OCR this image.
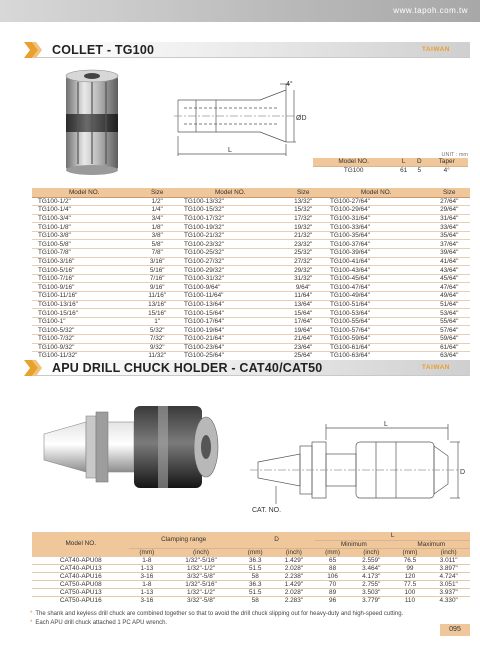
www.tapoh.com.tw
COLLET - TG100	TAIWAN
4°
ØD
L
UNIT : mm
Model NO.	L	D	Taper
TG100	61	5	4°
Model NO.	Size	Model NO.	Size	Model NO.	Size
TG100-1/2"	1/2"	TG100-13/32"	13/32"	TG100-27/64"	27/64"
TG100-1/4"	1/4"	TG100-15/32"	15/32"	TG100-29/64"	29/64"
TG100-3/4"	3/4"	TG100-17/32"	17/32"	TG100-31/64"	31/64"
TG100-1/8"	1/8"	TG100-19/32"	19/32"	TG100-33/64"	33/64"
TG100-3/8"	3/8"	TG100-21/32"	21/32"	TG100-35/64"	35/64"
TG100-5/8"	5/8"	TG100-23/32"	23/32"	TG100-37/64"	37/64"
TG100-7/8"	7/8"	TG100-25/32"	25/32"	TG100-39/64"	39/64"
TG100-3/16"	3/16"	TG100-27/32"	27/32"	TG100-41/64"	41/64"
TG100-5/16"	5/16"	TG100-29/32"	29/32"	TG100-43/64"	43/64"
TG100-7/16"	7/16"	TG100-31/32"	31/32"	TG100-45/64"	45/64"
TG100-9/16"	9/16"	TG100-9/64"	9/64"	TG100-47/64"	47/64"
TG100-11/16"	11/16"	TG100-11/64"	11/64"	TG100-49/64"	49/64"
TG100-13/16"	13/16"	TG100-13/64"	13/64"	TG100-51/64"	51/64"
TG100-15/16"	15/16"	TG100-15/64"	15/64"	TG100-53/64"	53/64"
TG100-1"	1"	TG100-17/64"	17/64"	TG100-55/64"	55/64"
TG100-5/32"	5/32"	TG100-19/64"	19/64"	TG100-57/64"	57/64"
TG100-7/32"	7/32"	TG100-21/64"	21/64"	TG100-59/64"	59/64"
TG100-9/32"	9/32"	TG100-23/64"	23/64"	TG100-61/64"	61/64"
TG100-11/32"	11/32"	TG100-25/64"	25/64"	TG100-63/64"	63/64"
APU DRILL CHUCK HOLDER - CAT40/CAT50	TAIWAN
L
D
CAT. NO.
Model NO.	Clamping range		D		L			
					Minimum		Maximum	
	(mm)	(inch)	(mm)	(inch)	(mm)	(inch)	(mm)	(inch)
CAT40-APU08	1-8	1/32"-5/16"	36.3	1.429"	65	2.559"	76.5	3.011"
CAT40-APU13	1-13	1/32"-1/2"	51.5	2.028"	88	3.464"	99	3.897"
CAT40-APU16	3-16	3/32"-5/8"	58	2.238"	106	4.173"	120	4.724"
CAT50-APU08	1-8	1/32"-5/16"	36.3	1.429"	70	2.755"	77.5	3.051"
CAT50-APU13	1-13	1/32"-1/2"	51.5	2.028"	89	3.503"	100	3.937"
CAT50-APU16	3-16	3/32"-5/8"	58	2.283"	96	3.779"	110	4.330"
* The shank and keyless drill chuck are combined together so that to avoid the drill chuck slipping out for heavy-duty and high-speed cutting.
* Each APU drill chuck attached 1 PC APU wrench.
095
